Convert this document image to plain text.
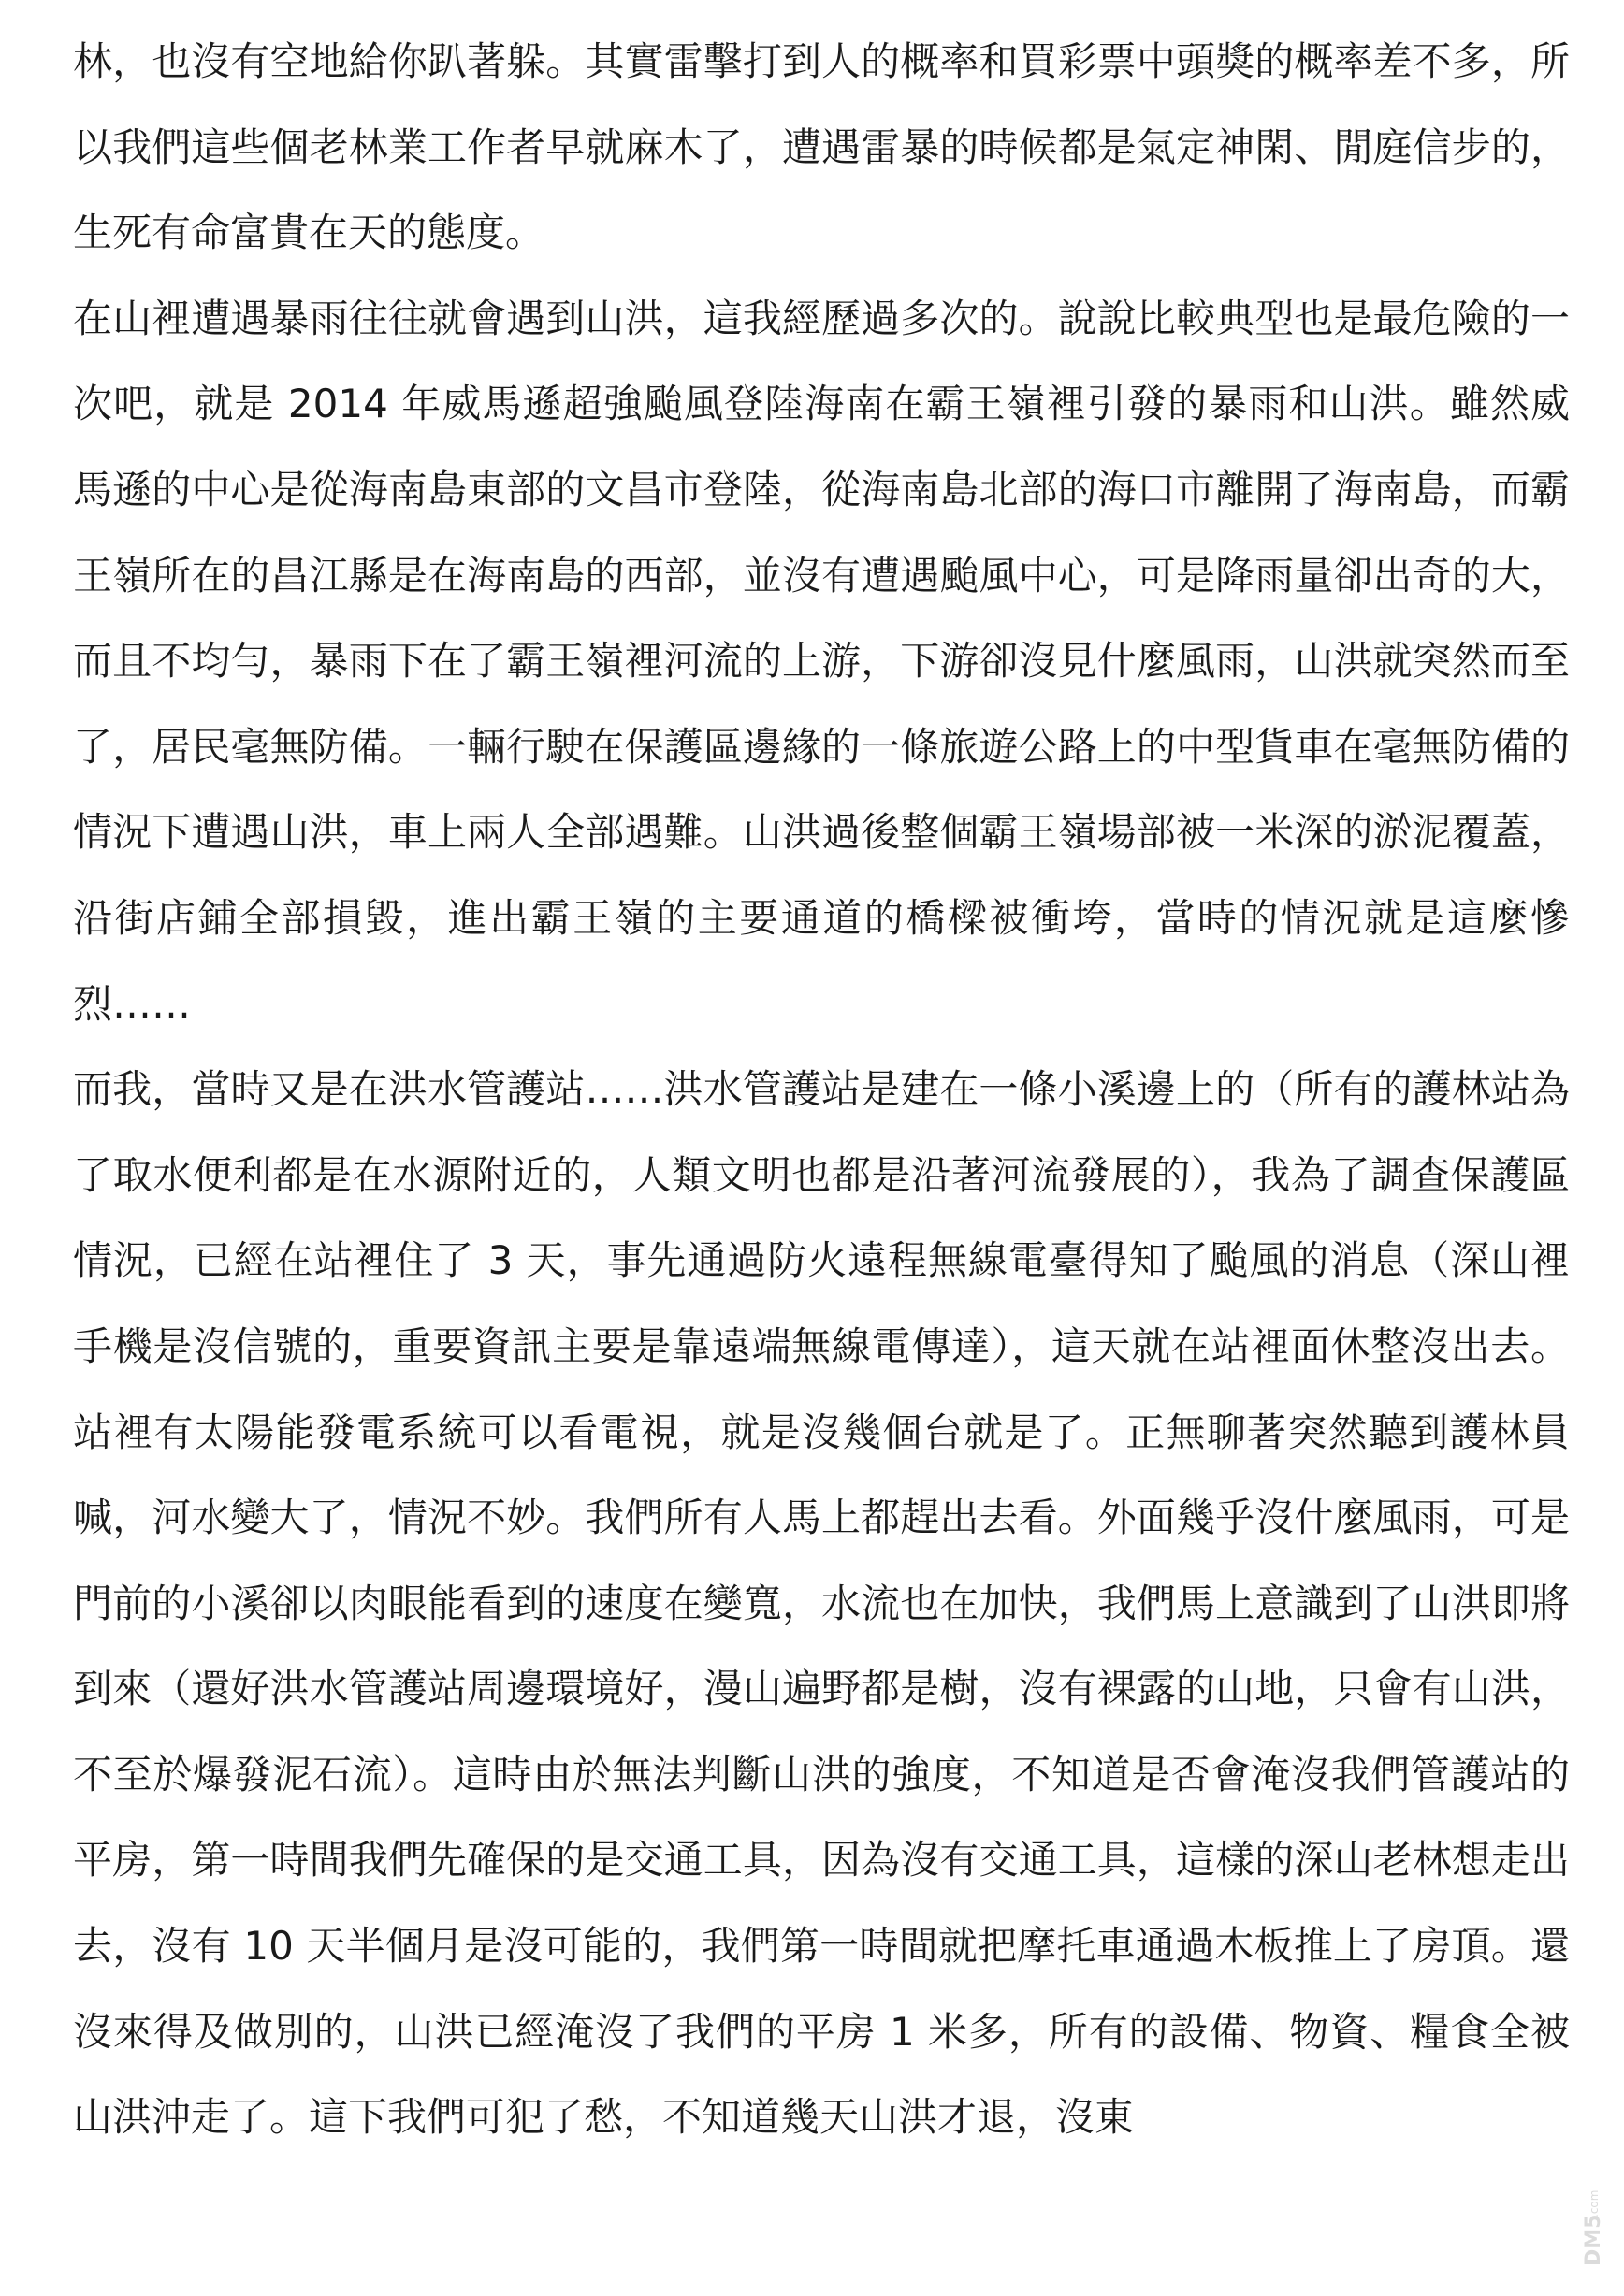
林，也沒有空地給你趴著躲。其實雷擊打到人的概率和買彩票中頭獎的概率差不多，所以我們這些個老林業工作者早就麻木了，遭遇雷暴的時候都是氣定神閑、閒庭信步的，生死有命富貴在天的態度。

在山裡遭遇暴雨往往就會遇到山洪，這我經歷過多次的。說說比較典型也是最危險的一次吧，就是 2014 年威馬遜超強颱風登陸海南在霸王嶺裡引發的暴雨和山洪。雖然威馬遜的中心是從海南島東部的文昌市登陸，從海南島北部的海口市離開了海南島，而霸王嶺所在的昌江縣是在海南島的西部，並沒有遭遇颱風中心，可是降雨量卻出奇的大，而且不均勻，暴雨下在了霸王嶺裡河流的上游，下游卻沒見什麼風雨，山洪就突然而至了，居民毫無防備。一輛行駛在保護區邊緣的一條旅遊公路上的中型貨車在毫無防備的情況下遭遇山洪，車上兩人全部遇難。山洪過後整個霸王嶺場部被一米深的淤泥覆蓋，沿街店鋪全部損毀，進出霸王嶺的主要通道的橋樑被衝垮，當時的情況就是這麼慘烈……

而我，當時又是在洪水管護站……洪水管護站是建在一條小溪邊上的（所有的護林站為了取水便利都是在水源附近的，人類文明也都是沿著河流發展的），我為了調查保護區情況，已經在站裡住了 3 天，事先通過防火遠程無線電臺得知了颱風的消息（深山裡手機是沒信號的，重要資訊主要是靠遠端無線電傳達），這天就在站裡面休整沒出去。站裡有太陽能發電系統可以看電視，就是沒幾個台就是了。正無聊著突然聽到護林員喊，河水變大了，情況不妙。我們所有人馬上都趕出去看。外面幾乎沒什麼風雨，可是門前的小溪卻以肉眼能看到的速度在變寬，水流也在加快，我們馬上意識到了山洪即將到來（還好洪水管護站周邊環境好，漫山遍野都是樹，沒有裸露的山地，只會有山洪，不至於爆發泥石流）。這時由於無法判斷山洪的強度，不知道是否會淹沒我們管護站的平房，第一時間我們先確保的是交通工具，因為沒有交通工具，這樣的深山老林想走出去，沒有 10 天半個月是沒可能的，我們第一時間就把摩托車通過木板推上了房頂。還沒來得及做別的，山洪已經淹沒了我們的平房 1 米多，所有的設備、物資、糧食全被山洪沖走了。這下我們可犯了愁，不知道幾天山洪才退，沒東

DM5
.com
